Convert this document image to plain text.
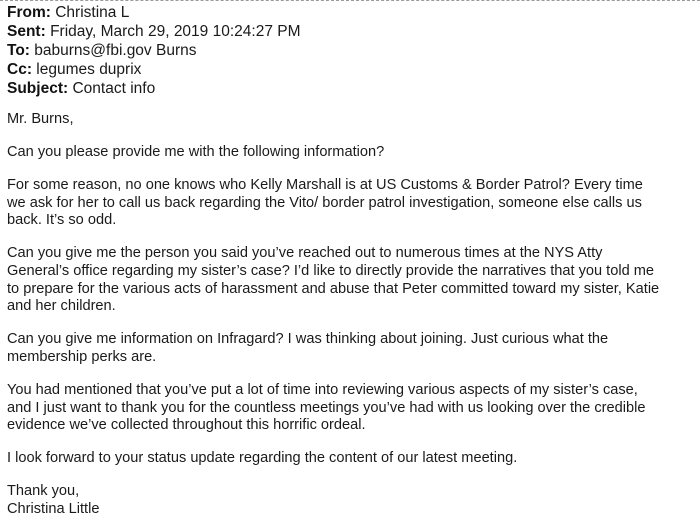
From: Christina L
Sent: Friday, March 29, 2019 10:24:27 PM
To: baburns@fbi.gov Burns
Cc: legumes duprix
Subject: Contact info

Mr. Burns,

Can you please provide me with the following information?

For some reason, no one knows who Kelly Marshall is at US Customs & Border Patrol? Every time
we ask for her to call us back regarding the Vito/ border patrol investigation, someone else calls us
back. It’s so odd.

Can you give me the person you said you’ve reached out to numerous times at the NYS Atty
General’s office regarding my sister’s case? I’d like to directly provide the narratives that you told me
to prepare for the various acts of harassment and abuse that Peter committed toward my sister, Katie
and her children.

Can you give me information on Infragard? I was thinking about joining. Just curious what the
membership perks are.

You had mentioned that you’ve put a lot of time into reviewing various aspects of my sister’s case,
and I just want to thank you for the countless meetings you’ve had with us looking over the credible
evidence we’ve collected throughout this horrific ordeal.

I look forward to your status update regarding the content of our latest meeting.

Thank you,
Christina Little
